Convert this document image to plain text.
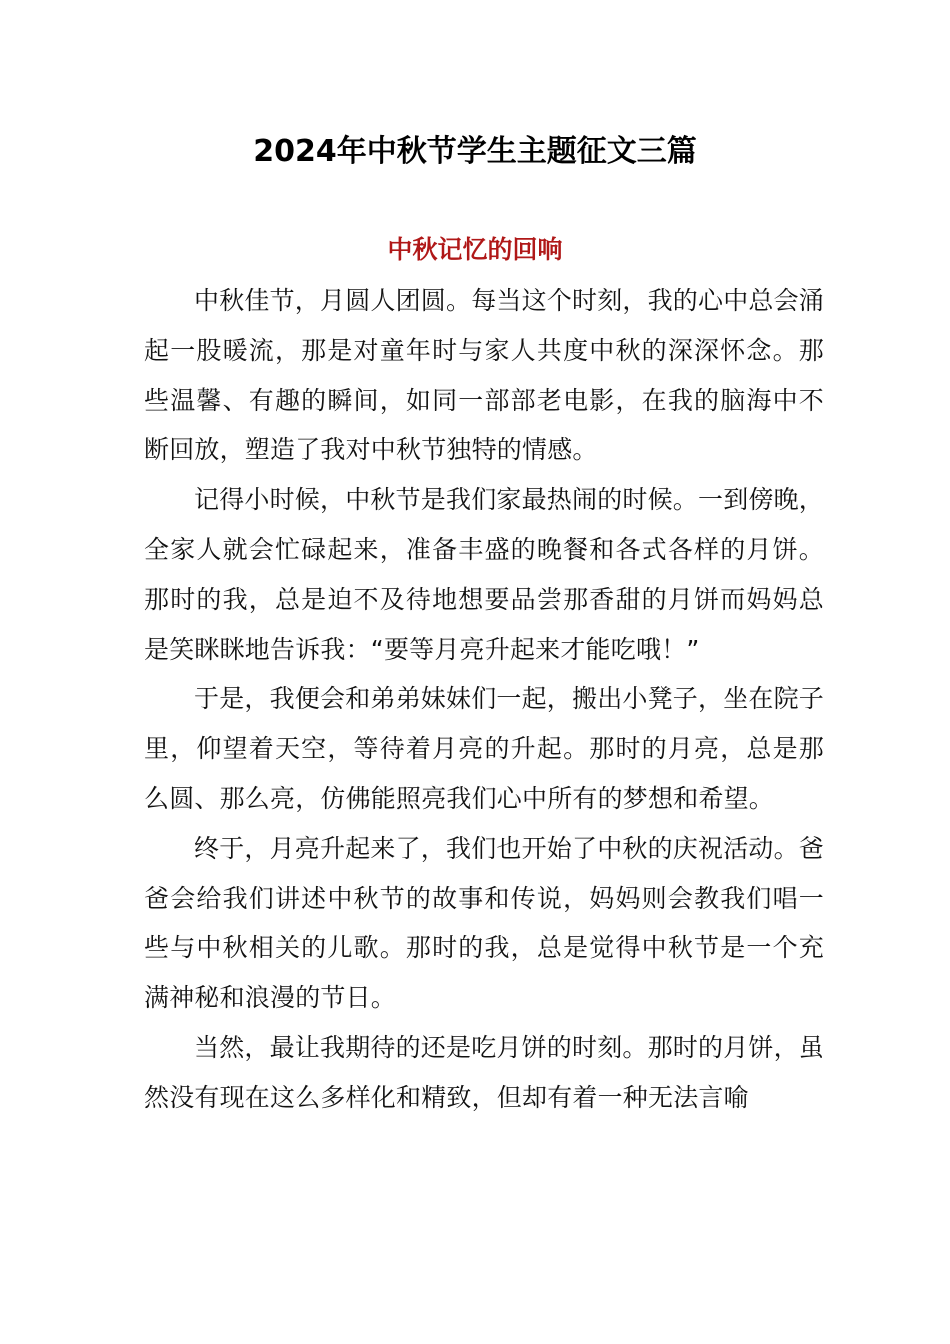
2024年中秋节学生主题征文三篇
中秋记忆的回响

中秋佳节，月圆人团圆。每当这个时刻，我的心中总会涌起一股暖流，那是对童年时与家人共度中秋的深深怀念。那些温馨、有趣的瞬间，如同一部部老电影，在我的脑海中不断回放，塑造了我对中秋节独特的情感。

记得小时候，中秋节是我们家最热闹的时候。一到傍晚，全家人就会忙碌起来，准备丰盛的晚餐和各式各样的月饼。那时的我，总是迫不及待地想要品尝那香甜的月饼而妈妈总是笑眯眯地告诉我：“要等月亮升起来才能吃哦！”

于是，我便会和弟弟妹妹们一起，搬出小凳子，坐在院子里，仰望着天空，等待着月亮的升起。那时的月亮，总是那么圆、那么亮，仿佛能照亮我们心中所有的梦想和希望。

终于，月亮升起来了，我们也开始了中秋的庆祝活动。爸爸会给我们讲述中秋节的故事和传说，妈妈则会教我们唱一些与中秋相关的儿歌。那时的我，总是觉得中秋节是一个充满神秘和浪漫的节日。

当然，最让我期待的还是吃月饼的时刻。那时的月饼，虽然没有现在这么多样化和精致，但却有着一种无法言喻
